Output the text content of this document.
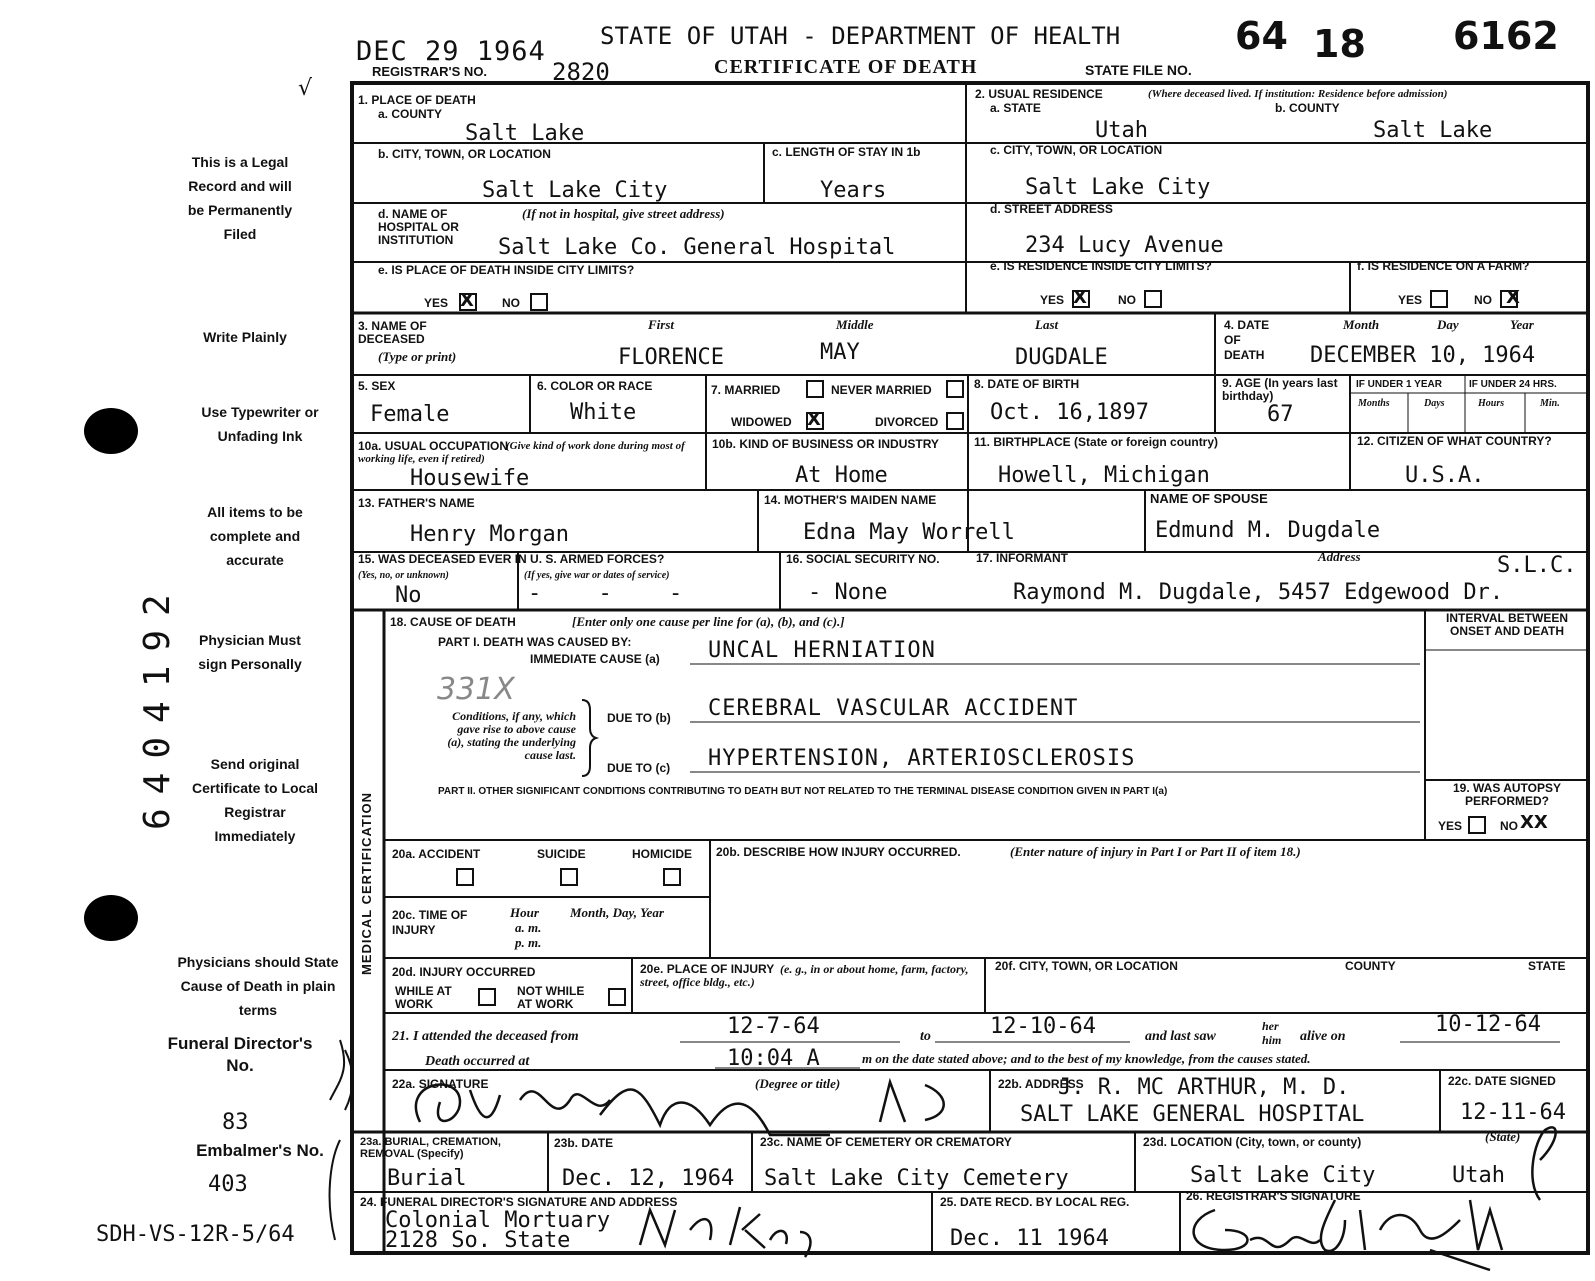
DEC 29 1964 STATE OF UTAH - DEPARTMENT OF HEALTH
REGISTRAR'S NO.	2820	CERTIFICATE OF DEATH	STATE FILE NO.
64 18 6162
√
This is a Legal Record and will be Permanently Filed
Write Plainly
Use Typewriter or Unfading Ink
All items to be complete and accurate
Physician Must sign Personally
Send original Certificate to Local Registrar Immediately
Physicians should State Cause of Death in plain terms
Funeral Director's No.
83
Embalmer's No.
403
SDH-VS-12R-5/64
6404192
MEDICAL CERTIFICATION
1. PLACE OF DEATH
a. COUNTY
Salt Lake
b. CITY, TOWN, OR LOCATION
Salt Lake City
c. LENGTH OF STAY IN 1b
Years
d. NAME OF HOSPITAL OR INSTITUTION
(If not in hospital, give street address)
Salt Lake Co. General Hospital
e. IS PLACE OF DEATH INSIDE CITY LIMITS?
YES X NO
2. USUAL RESIDENCE	(Where deceased lived. If institution: Residence before admission)
a. STATE
Utah
b. COUNTY
Salt Lake
c. CITY, TOWN, OR LOCATION
Salt Lake City
d. STREET ADDRESS
234 Lucy Avenue
e. IS RESIDENCE INSIDE CITY LIMITS?
YES X	NO
f. IS RESIDENCE ON A FARM?
YES	NO X
3. NAME OF DECEASED
(Type or print)
First	Middle	Last
FLORENCE	MAY	DUGDALE
4. DATE OF DEATH
Month	Day	Year
DECEMBER 10, 1964
5. SEX
Female
6. COLOR OR RACE
White
7. MARRIED	NEVER MARRIED
WIDOWED X	DIVORCED
8. DATE OF BIRTH
Oct. 16,1897
9. AGE (In years last birthday)
67
IF UNDER 1 YEAR	IF UNDER 24 HRS.
Months	Days	Hours	Min.
10a. USUAL OCCUPATION
(Give kind of work done during most of working life, even if retired)
Housewife
10b. KIND OF BUSINESS OR INDUSTRY
At Home
11. BIRTHPLACE (State or foreign country)
Howell, Michigan
12. CITIZEN OF WHAT COUNTRY?
U.S.A.
13. FATHER'S NAME
Henry Morgan
14. MOTHER'S MAIDEN NAME
Edna May Worrell
NAME OF SPOUSE
Edmund M. Dugdale
15. WAS DECEASED EVER IN U. S. ARMED FORCES?
(Yes, no, or unknown)	(If yes, give war or dates of service)
No	- - -
16. SOCIAL SECURITY NO.
- None
17. INFORMANT	Address	S.L.C.
Raymond M. Dugdale, 5457 Edgewood Dr.
18. CAUSE OF DEATH	[Enter only one cause per line for (a), (b), and (c).]
PART I. DEATH WAS CAUSED BY:
IMMEDIATE CAUSE (a) UNCAL HERNIATION
331X
Conditions, if any, which gave rise to above cause (a), stating the underlying cause last.
DUE TO (b) CEREBRAL VASCULAR ACCIDENT
DUE TO (c) HYPERTENSION, ARTERIOSCLEROSIS
PART II. OTHER SIGNIFICANT CONDITIONS CONTRIBUTING TO DEATH BUT NOT RELATED TO THE TERMINAL DISEASE CONDITION GIVEN IN PART I(a)
INTERVAL BETWEEN ONSET AND DEATH
19. WAS AUTOPSY PERFORMED?
YES	NO XX
20a. ACCIDENT	SUICIDE	HOMICIDE 20b. DESCRIBE HOW INJURY OCCURRED.	(Enter nature of injury in Part I or Part II of item 18.)
20c. TIME OF INJURY
Hour
a. m.
p. m.
Month, Day, Year
20d. INJURY OCCURRED
WHILE AT WORK
NOT WHILE AT WORK
20e. PLACE OF INJURY (e. g., in or about home, farm, factory, street, office bldg., etc.)
20f. CITY, TOWN, OR LOCATION	COUNTY	STATE
21. I attended the deceased from	12-7-64	to	12-10-64	and last saw
her
him alive on	10-12-64
Death occurred at	10:04 A	m on the date stated above; and to the best of my knowledge, from the causes stated.
22a. SIGNATURE	(Degree or title)	22b. ADDRESS
J. R. MC ARTHUR, M. D.
SALT LAKE GENERAL HOSPITAL
22c. DATE SIGNED
12-11-64
23a. BURIAL, CREMATION, REMOVAL (Specify)
Burial
23b. DATE
Dec. 12, 1964
23c. NAME OF CEMETERY OR CREMATORY
Salt Lake City Cemetery
23d. LOCATION (City, town, or county)	(State)
Salt Lake City	Utah
24. FUNERAL DIRECTOR'S SIGNATURE AND ADDRESS
Colonial Mortuary
2128 So. State
25. DATE RECD. BY LOCAL REG.
Dec. 11 1964
26. REGISTRAR'S SIGNATURE
